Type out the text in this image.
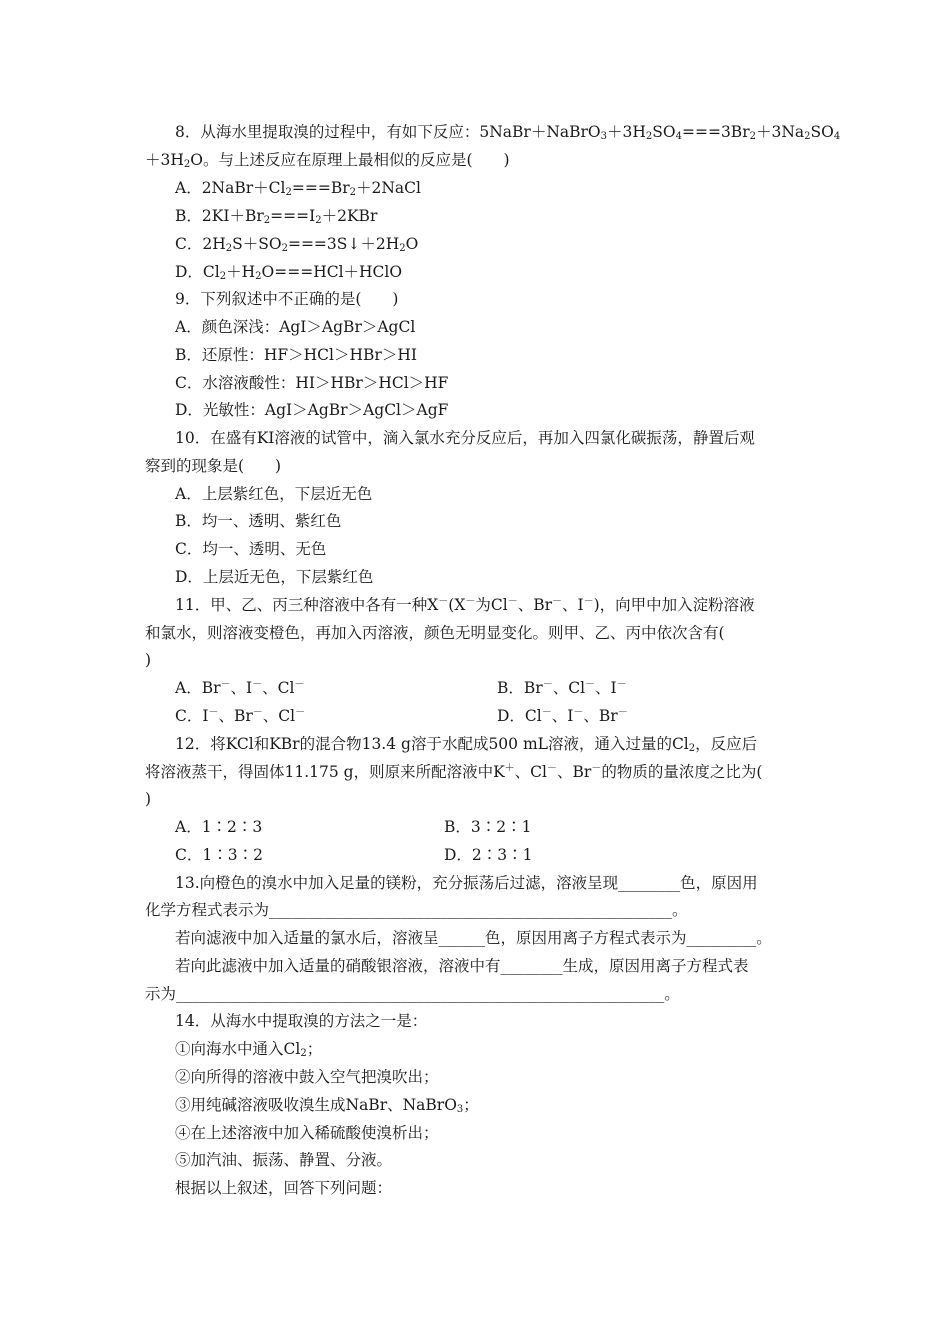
8．从海水里提取溴的过程中，有如下反应：$5NaBr+NaBrO_3+3H_2SO_4===3Br_2+3Na_2SO_4$
$+3H_2O$。与上述反应在原理上最相似的反应是(　　)
A．$2NaBr+Cl_2===Br_2+2NaCl$
B．$2KI+Br_2===I_2+2KBr$
C．$2H_2S+SO_2===3S↓+2H_2O$
D．$Cl_2+H_2O===HCl+HClO$
9．下列叙述中不正确的是(　　)
A．颜色深浅：AgI＞AgBr＞AgCl
B．还原性：HF＞HCl＞HBr＞HI
C．水溶液酸性：HI＞HBr＞HCl＞HF
D．光敏性：AgI＞AgBr＞AgCl＞AgF
10．在盛有KI溶液的试管中，滴入氯水充分反应后，再加入四氯化碳振荡，静置后观
察到的现象是(　　)
A．上层紫红色，下层近无色
B．均一、透明、紫红色
C．均一、透明、无色
D．上层近无色，下层紫红色
11．甲、乙、丙三种溶液中各有一种X－(X－为Cl－、Br－、I－)，向甲中加入淀粉溶液
和氯水，则溶液变橙色，再加入丙溶液，颜色无明显变化。则甲、乙、丙中依次含有(
)
A．Br－、I－、Cl－	B．Br－、Cl－、I－
C．I－、Br－、Cl－	D．Cl－、I－、Br－
12．将KCl和KBr的混合物13.4 g溶于水配成500 mL溶液，通入过量的$Cl_2$，反应后
将溶液蒸干，得固体11.175 g，则原来所配溶液中K＋、Cl－、Br－的物质的量浓度之比为(
)
A．1∶2∶3	B．3∶2∶1
C．1∶3∶2	D．2∶3∶1
13.向橙色的溴水中加入足量的镁粉，充分振荡后过滤，溶液呈现________色，原因用
化学方程式表示为____________________________________________________。
若向滤液中加入适量的氯水后，溶液呈______色，原因用离子方程式表示为_________。
若向此滤液中加入适量的硝酸银溶液，溶液中有________生成，原因用离子方程式表
示为_______________________________________________________________。
14．从海水中提取溴的方法之一是：
①向海水中通入$Cl_2$；
②向所得的溶液中鼓入空气把溴吹出；
③用纯碱溶液吸收溴生成NaBr、NaBrO$_3$；
④在上述溶液中加入稀硫酸使溴析出；
⑤加汽油、振荡、静置、分液。
根据以上叙述，回答下列问题：
